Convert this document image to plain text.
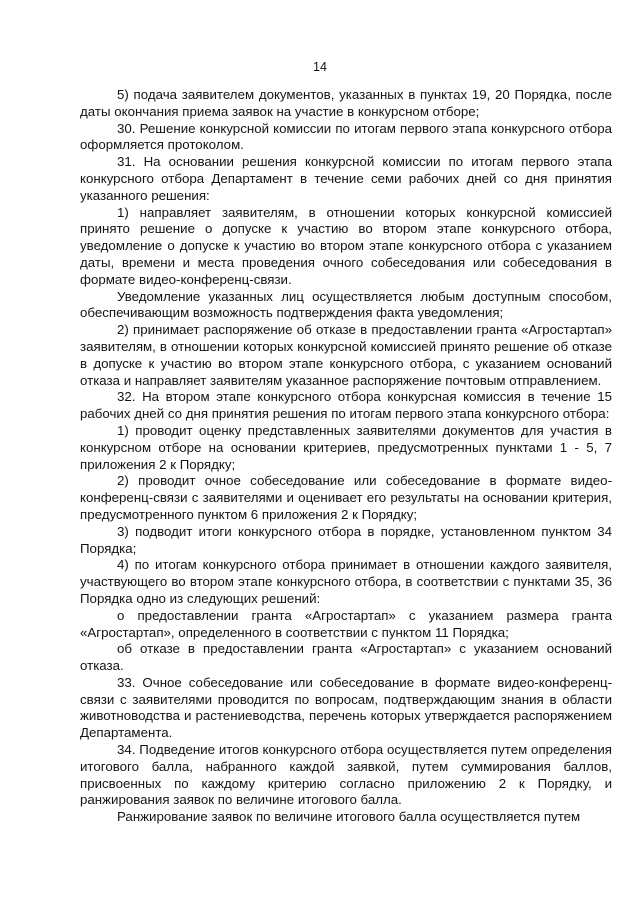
14

5) подача заявителем документов, указанных в пунктах 19, 20 Порядка, после даты окончания приема заявок на участие в конкурсном отборе;

30. Решение конкурсной комиссии по итогам первого этапа конкурсного отбора оформляется протоколом.

31. На основании решения конкурсной комиссии по итогам первого этапа конкурсного отбора Департамент в течение семи рабочих дней со дня принятия указанного решения:

1) направляет заявителям, в отношении которых конкурсной комиссией принято решение о допуске к участию во втором этапе конкурсного отбора, уведомление о допуске к участию во втором этапе конкурсного отбора с указанием даты, времени и места проведения очного собеседования или собеседования в формате видео-конференц-связи.

Уведомление указанных лиц осуществляется любым доступным способом, обеспечивающим возможность подтверждения факта уведомления;

2) принимает распоряжение об отказе в предоставлении гранта «Агростартап» заявителям, в отношении которых конкурсной комиссией принято решение об отказе в допуске к участию во втором этапе конкурсного отбора, с указанием оснований отказа и направляет заявителям указанное распоряжение почтовым отправлением.

32. На втором этапе конкурсного отбора конкурсная комиссия в течение 15 рабочих дней со дня принятия решения по итогам первого этапа конкурсного отбора:

1) проводит оценку представленных заявителями документов для участия в конкурсном отборе на основании критериев, предусмотренных пунктами 1 - 5, 7 приложения 2 к Порядку;

2) проводит очное собеседование или собеседование в формате видео-конференц-связи с заявителями и оценивает его результаты на основании критерия, предусмотренного пунктом 6 приложения 2 к Порядку;

3) подводит итоги конкурсного отбора в порядке, установленном пунктом 34 Порядка;

4) по итогам конкурсного отбора принимает в отношении каждого заявителя, участвующего во втором этапе конкурсного отбора, в соответствии с пунктами 35, 36 Порядка одно из следующих решений:

о предоставлении гранта «Агростартап» с указанием размера гранта «Агростартап», определенного в соответствии с пунктом 11 Порядка;

об отказе в предоставлении гранта «Агростартап» с указанием оснований отказа.

33. Очное собеседование или собеседование в формате видео-конференц-связи с заявителями проводится по вопросам, подтверждающим знания в области животноводства и растениеводства, перечень которых утверждается распоряжением Департамента.

34. Подведение итогов конкурсного отбора осуществляется путем определения итогового балла, набранного каждой заявкой, путем суммирования баллов, присвоенных по каждому критерию согласно приложению 2 к Порядку, и ранжирования заявок по величине итогового балла.

Ранжирование заявок по величине итогового балла осуществляется путем
